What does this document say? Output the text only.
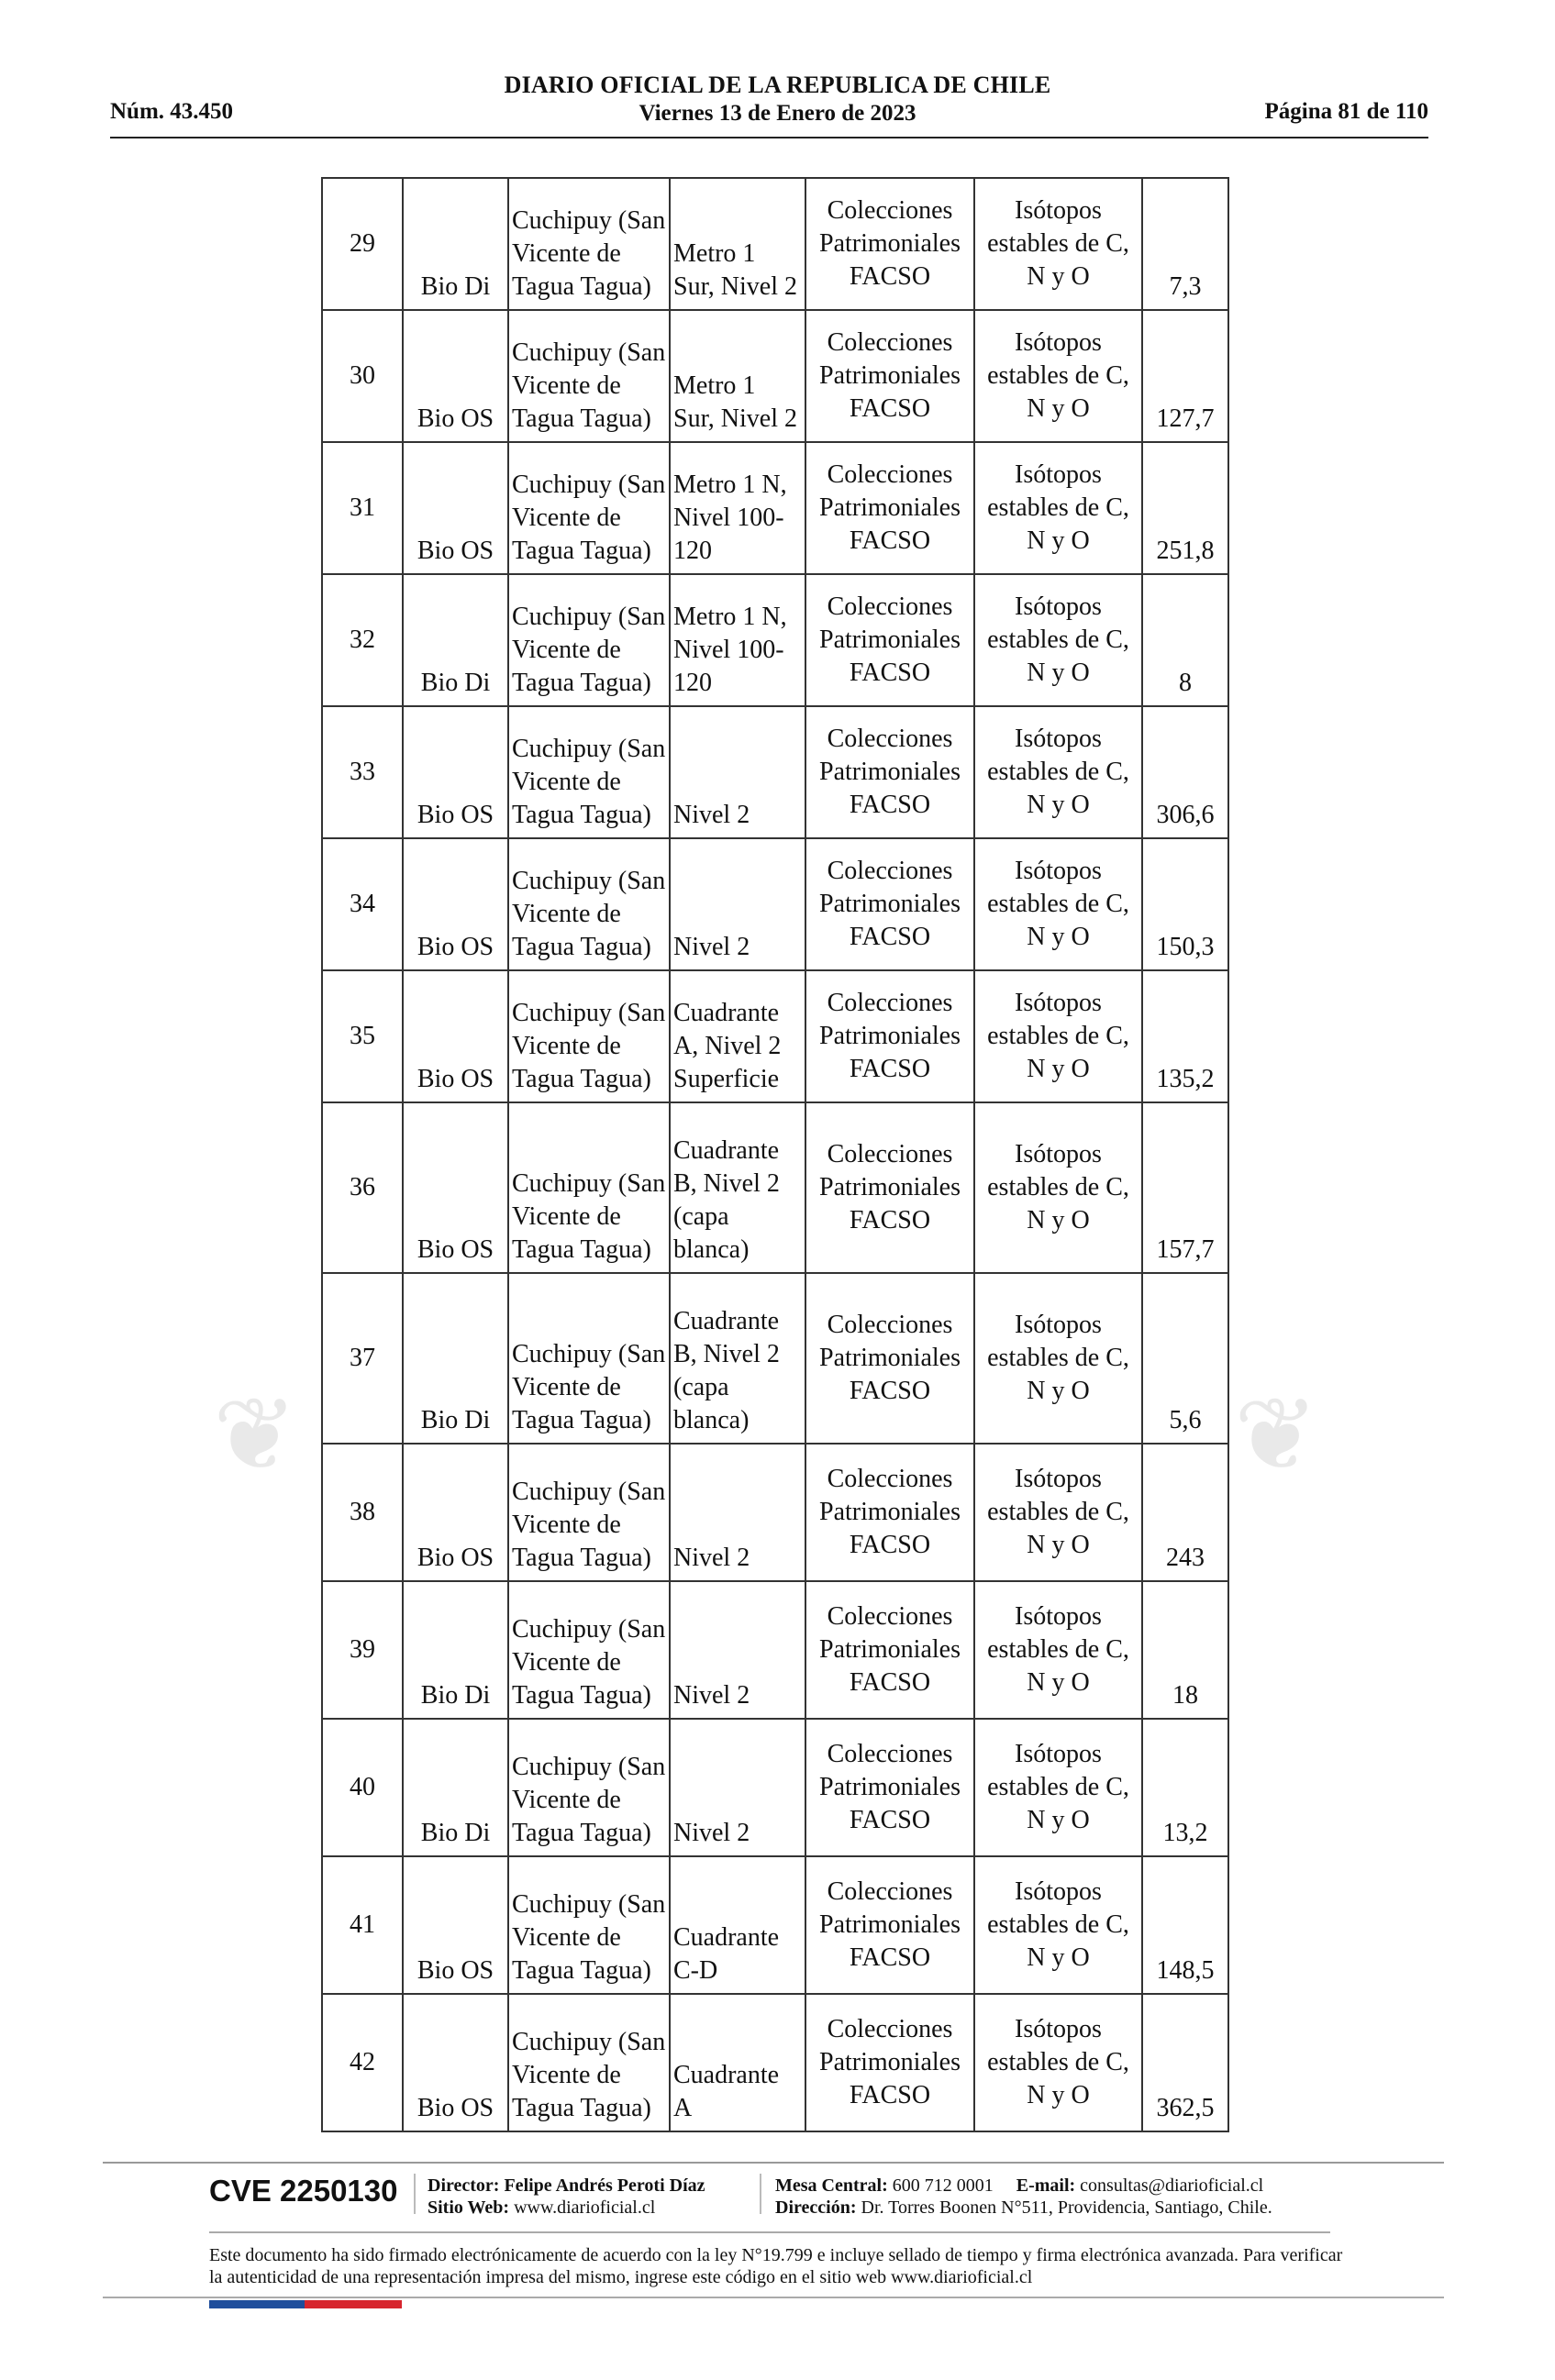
Núm. 43.450
DIARIO OFICIAL DE LA REPUBLICA DE CHILE
Viernes 13 de Enero de 2023	Página 81 de 110
❦	❦
29	Bio Di	Cuchipuy (San
Vicente de
Tagua Tagua)	Metro 1
Sur, Nivel 2	Colecciones
Patrimoniales
FACSO	Isótopos
estables de C,
N y O	7,3
30	Bio OS	Cuchipuy (San
Vicente de
Tagua Tagua)	Metro 1
Sur, Nivel 2	Colecciones
Patrimoniales
FACSO	Isótopos
estables de C,
N y O	127,7
31	Bio OS	Cuchipuy (San
Vicente de
Tagua Tagua)	Metro 1 N,
Nivel 100-
120	Colecciones
Patrimoniales
FACSO	Isótopos
estables de C,
N y O	251,8
32	Bio Di	Cuchipuy (San
Vicente de
Tagua Tagua)	Metro 1 N,
Nivel 100-
120	Colecciones
Patrimoniales
FACSO	Isótopos
estables de C,
N y O	8
33	Bio OS	Cuchipuy (San
Vicente de
Tagua Tagua)	Nivel 2	Colecciones
Patrimoniales
FACSO	Isótopos
estables de C,
N y O	306,6
34	Bio OS	Cuchipuy (San
Vicente de
Tagua Tagua)	Nivel 2	Colecciones
Patrimoniales
FACSO	Isótopos
estables de C,
N y O	150,3
35	Bio OS	Cuchipuy (San
Vicente de
Tagua Tagua)	Cuadrante
A, Nivel 2
Superficie	Colecciones
Patrimoniales
FACSO	Isótopos
estables de C,
N y O	135,2
36	Bio OS	Cuchipuy (San
Vicente de
Tagua Tagua)	Cuadrante
B, Nivel 2
(capa
blanca)	Colecciones
Patrimoniales
FACSO	Isótopos
estables de C,
N y O	157,7
37	Bio Di	Cuchipuy (San
Vicente de
Tagua Tagua)	Cuadrante
B, Nivel 2
(capa
blanca)	Colecciones
Patrimoniales
FACSO	Isótopos
estables de C,
N y O	5,6
38	Bio OS	Cuchipuy (San
Vicente de
Tagua Tagua)	Nivel 2	Colecciones
Patrimoniales
FACSO	Isótopos
estables de C,
N y O	243
39	Bio Di	Cuchipuy (San
Vicente de
Tagua Tagua)	Nivel 2	Colecciones
Patrimoniales
FACSO	Isótopos
estables de C,
N y O	18
40	Bio Di	Cuchipuy (San
Vicente de
Tagua Tagua)	Nivel 2	Colecciones
Patrimoniales
FACSO	Isótopos
estables de C,
N y O	13,2
41	Bio OS	Cuchipuy (San
Vicente de
Tagua Tagua)	Cuadrante
C-D	Colecciones
Patrimoniales
FACSO	Isótopos
estables de C,
N y O	148,5
42	Bio OS	Cuchipuy (San
Vicente de
Tagua Tagua)	Cuadrante
A	Colecciones
Patrimoniales
FACSO	Isótopos
estables de C,
N y O	362,5
CVE 2250130 Director: Felipe Andrés Peroti Díaz
Sitio Web: www.diarioficial.cl
Mesa Central: 600 712 0001 E-mail: consultas@diarioficial.cl
Dirección: Dr. Torres Boonen N°511, Providencia, Santiago, Chile.
Este documento ha sido firmado electrónicamente de acuerdo con la ley N°19.799 e incluye sellado de tiempo y firma electrónica avanzada. Para verificar la autenticidad de una representación impresa del mismo, ingrese este código en el sitio web www.diarioficial.cl
